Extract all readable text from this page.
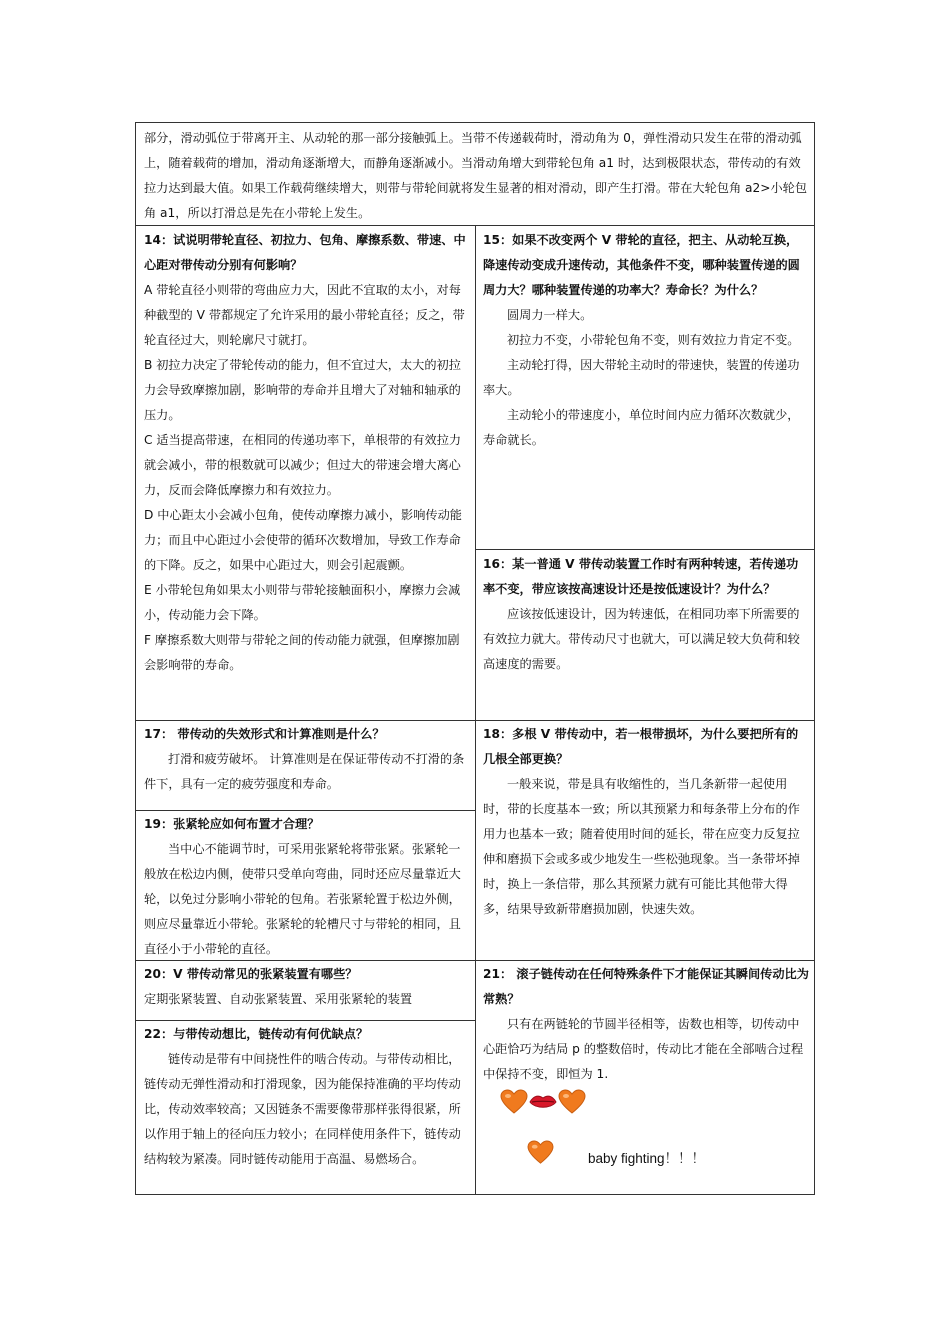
部分，滑动弧位于带离开主、从动轮的那一部分接触弧上。当带不传递载荷时，滑动角为 0，弹性滑动只发生在带的滑动弧上，随着载荷的增加，滑动角逐渐增大，而静角逐渐减小。当滑动角增大到带轮包角 a1 时，达到极限状态，带传动的有效拉力达到最大值。如果工作载荷继续增大，则带与带轮间就将发生显著的相对滑动，即产生打滑。带在大轮包角 a2>小轮包角 a1，所以打滑总是先在小带轮上发生。

14：试说明带轮直径、初拉力、包角、摩擦系数、带速、中心距对带传动分别有何影响？

A 带轮直径小则带的弯曲应力大，因此不宜取的太小，对每种截型的 V 带都规定了允许采用的最小带轮直径；反之，带轮直径过大，则轮廓尺寸就打。

B 初拉力决定了带轮传动的能力，但不宜过大，太大的初拉力会导致摩擦加剧，影响带的寿命并且增大了对轴和轴承的压力。

C 适当提高带速，在相同的传递功率下，单根带的有效拉力就会减小，带的根数就可以减少；但过大的带速会增大离心力，反而会降低摩擦力和有效拉力。

D 中心距太小会减小包角，使传动摩擦力减小，影响传动能力；而且中心距过小会使带的循环次数增加，导致工作寿命的下降。反之，如果中心距过大，则会引起震颤。

E 小带轮包角如果太小则带与带轮接触面积小，摩擦力会减小，传动能力会下降。

F 摩擦系数大则带与带轮之间的传动能力就强，但摩擦加剧会影响带的寿命。

15：如果不改变两个 V 带轮的直径，把主、从动轮互换，降速传动变成升速传动，其他条件不变，哪种装置传递的圆周力大？哪种装置传递的功率大？寿命长？为什么？

圆周力一样大。

初拉力不变，小带轮包角不变，则有效拉力肯定不变。

主动轮打得，因大带轮主动时的带速快，装置的传递功率大。

主动轮小的带速度小，单位时间内应力循环次数就少，寿命就长。

16：某一普通 V 带传动装置工作时有两种转速，若传递功率不变，带应该按高速设计还是按低速设计？为什么？

应该按低速设计，因为转速低，在相同功率下所需要的有效拉力就大。带传动尺寸也就大，可以满足较大负荷和较高速度的需要。

17： 带传动的失效形式和计算准则是什么？

打滑和疲劳破坏。 计算准则是在保证带传动不打滑的条件下，具有一定的疲劳强度和寿命。

19：张紧轮应如何布置才合理？

当中心不能调节时，可采用张紧轮将带张紧。张紧轮一般放在松边内侧，使带只受单向弯曲，同时还应尽量靠近大轮，以免过分影响小带轮的包角。若张紧轮置于松边外侧，则应尽量靠近小带轮。张紧轮的轮槽尺寸与带轮的相同，且直径小于小带轮的直径。

18：多根 V 带传动中，若一根带损坏，为什么要把所有的几根全部更换？

一般来说，带是具有收缩性的，当几条新带一起使用时，带的长度基本一致；所以其预紧力和每条带上分布的作用力也基本一致；随着使用时间的延长，带在应变力反复拉伸和磨损下会或多或少地发生一些松弛现象。当一条带坏掉时，换上一条信带，那么其预紧力就有可能比其他带大得多，结果导致新带磨损加剧，快速失效。

20：V 带传动常见的张紧装置有哪些？

定期张紧装置、自动张紧装置、采用张紧轮的装置

22：与带传动想比，链传动有何优缺点？

链传动是带有中间挠性件的啮合传动。与带传动相比，链传动无弹性滑动和打滑现象，因为能保持准确的平均传动比，传动效率较高；又因链条不需要像带那样张得很紧，所以作用于轴上的径向压力较小；在同样使用条件下，链传动结构较为紧凑。同时链传动能用于高温、易燃场合。

21： 滚子链传动在任何特殊条件下才能保证其瞬间传动比为常熟？

只有在两链轮的节圆半径相等，齿数也相等，切传动中心距恰巧为结局 p 的整数倍时，传动比才能在全部啮合过程中保持不变，即恒为 1.

baby fighting！！！
